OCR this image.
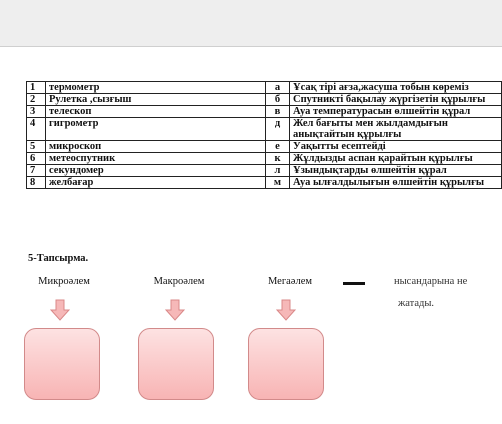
1	термометр	а	Ұсақ тірі ағза,жасуша тобын көреміз
2	Рулетка ,сызғыш	б	Спутникті бақылау жүргізетін құрылғы
3	телескоп	в	Ауа температурасын өлшейтін құрал
4	гигрометр	д	Жел бағыты мен жылдамдығын анықтайтын құрылғы
5	микроскоп	е	Уақытты есептейді
6	метеоспутник	к	Жұлдызды аспан қарайтын құрылғы
7	секундомер	л	Ұзындықтарды өлшейтін құрал
8	желбағар	м	Ауа ылғалдылығын өлшейтін құрылғы
5-Тапсырма.
Микроәлем	Макроәлем	Мегаәлем	нысандарына не
жатады.
